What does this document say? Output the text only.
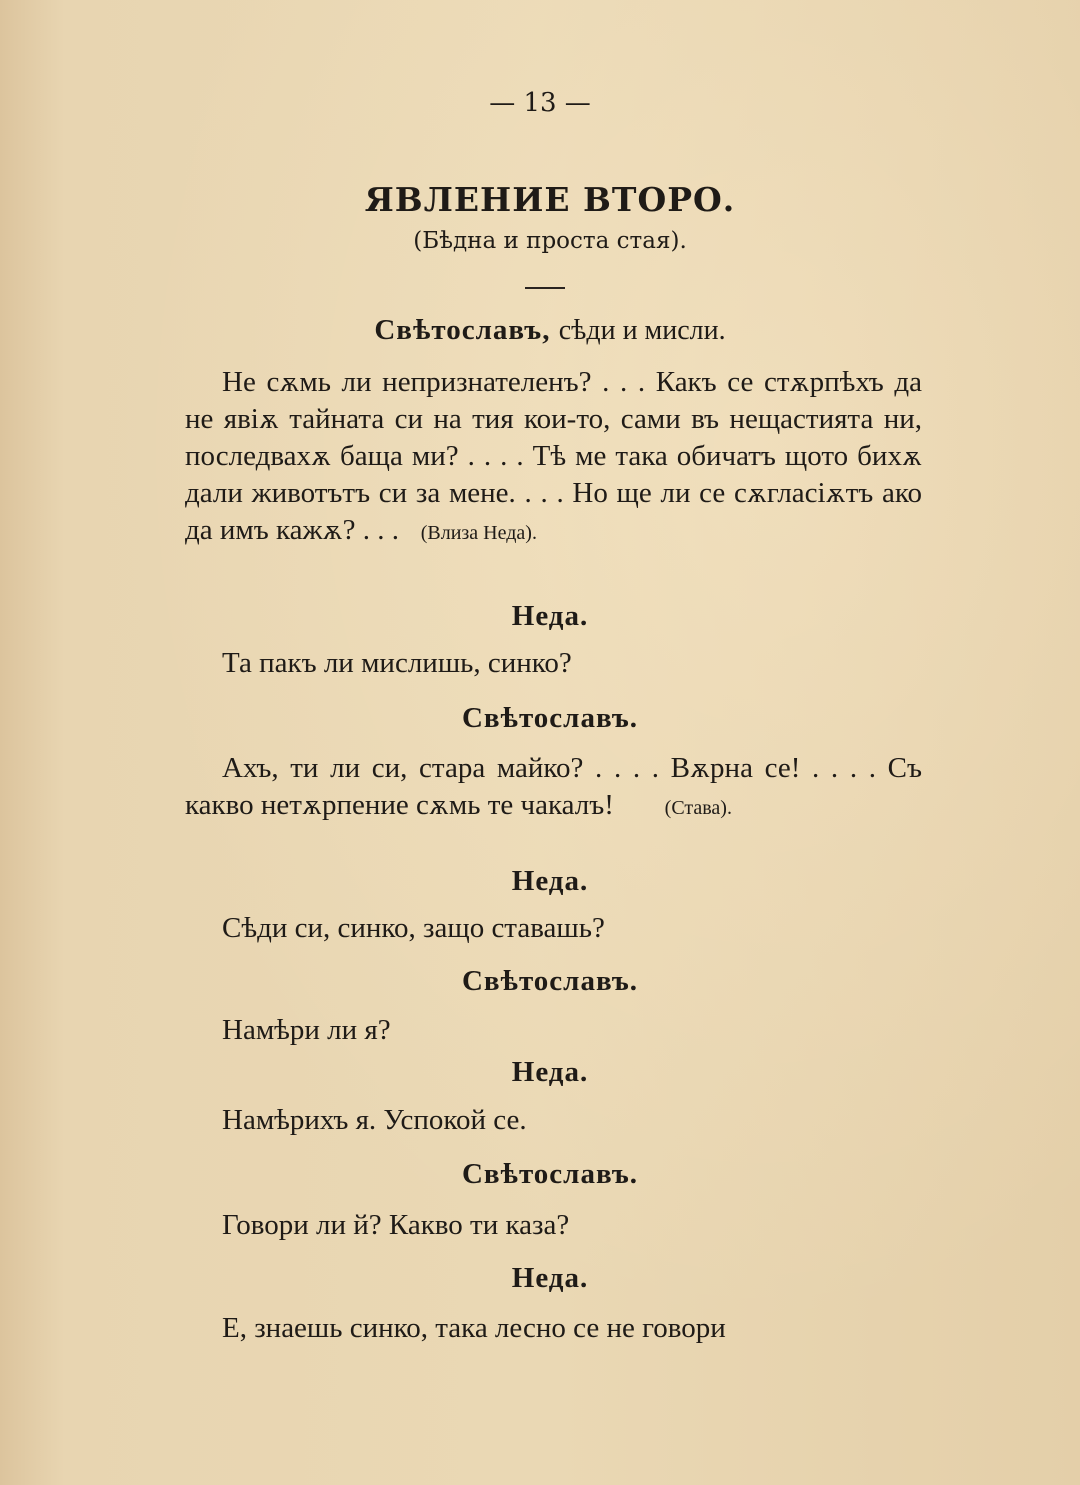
— 13 —
ЯВЛЕНИЕ ВТОРО.
(Бѣдна и проста стая).
Свѣтославъ, сѣди и мисли.

Не сѫмь ли непризнателенъ? . . . Какъ се стѫрпѣхъ да не явіѫ тайната си на тия кои-то, сами въ нещастията ни, последвахѫ баща ми? . . . . Тѣ ме така обичатъ щото бихѫ дали животътъ си за мене. . . . Но ще ли се сѫгласіѫтъ ако да имъ кажѫ? . . . (Влиза Неда).

Неда.

Та пакъ ли мислишь, синко?

Свѣтославъ.

Ахъ, ти ли си, стара майко? . . . . Вѫрна се! . . . . Съ какво нетѫрпение сѫмь те чакалъ!	(Става).

Неда.

Сѣди си, синко, защо ставашь?

Свѣтославъ.

Намѣри ли я?

Неда.

Намѣрихъ я. Успокой се.

Свѣтославъ.

Говори ли й? Какво ти каза?

Неда.

Е, знаешь синко, така лесно се не говори
